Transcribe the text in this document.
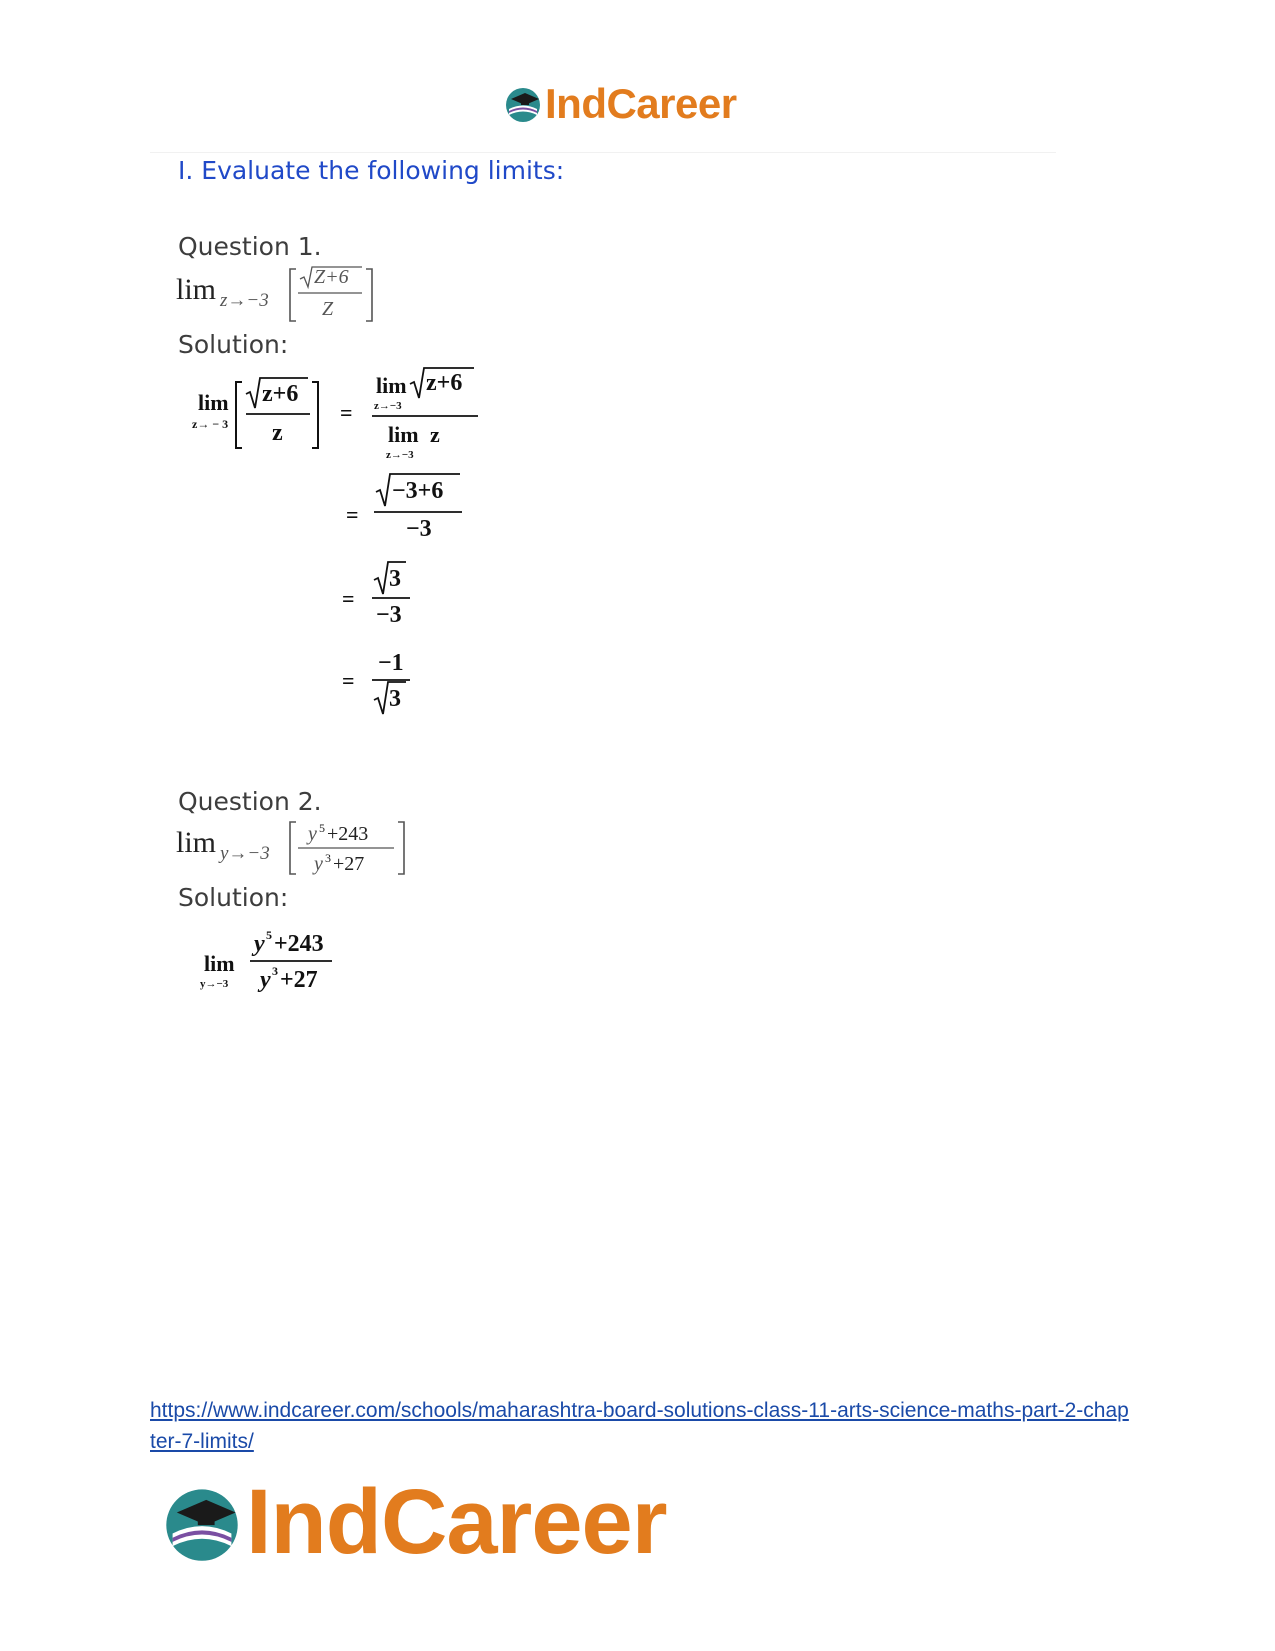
IndCareer
I. Evaluate the following limits:
Question 1.
lim z→−3
Z+6
Z
Solution:
lim
z→ − 3
z+6
z
=
lim
z→−3
z+6
lim
z→−3
z
=
−3+6
−3
=
3
−3
=
−1
3
Question 2.
lim y→−3
y 5 +243
y 3 +27
Solution:
lim
y→−3
y 5 +243
y 3 +27
https://www.indcareer.com/schools/maharashtra-board-solutions-class-11-arts-science-maths-part-2-chapter-7-limits/
IndCareer
